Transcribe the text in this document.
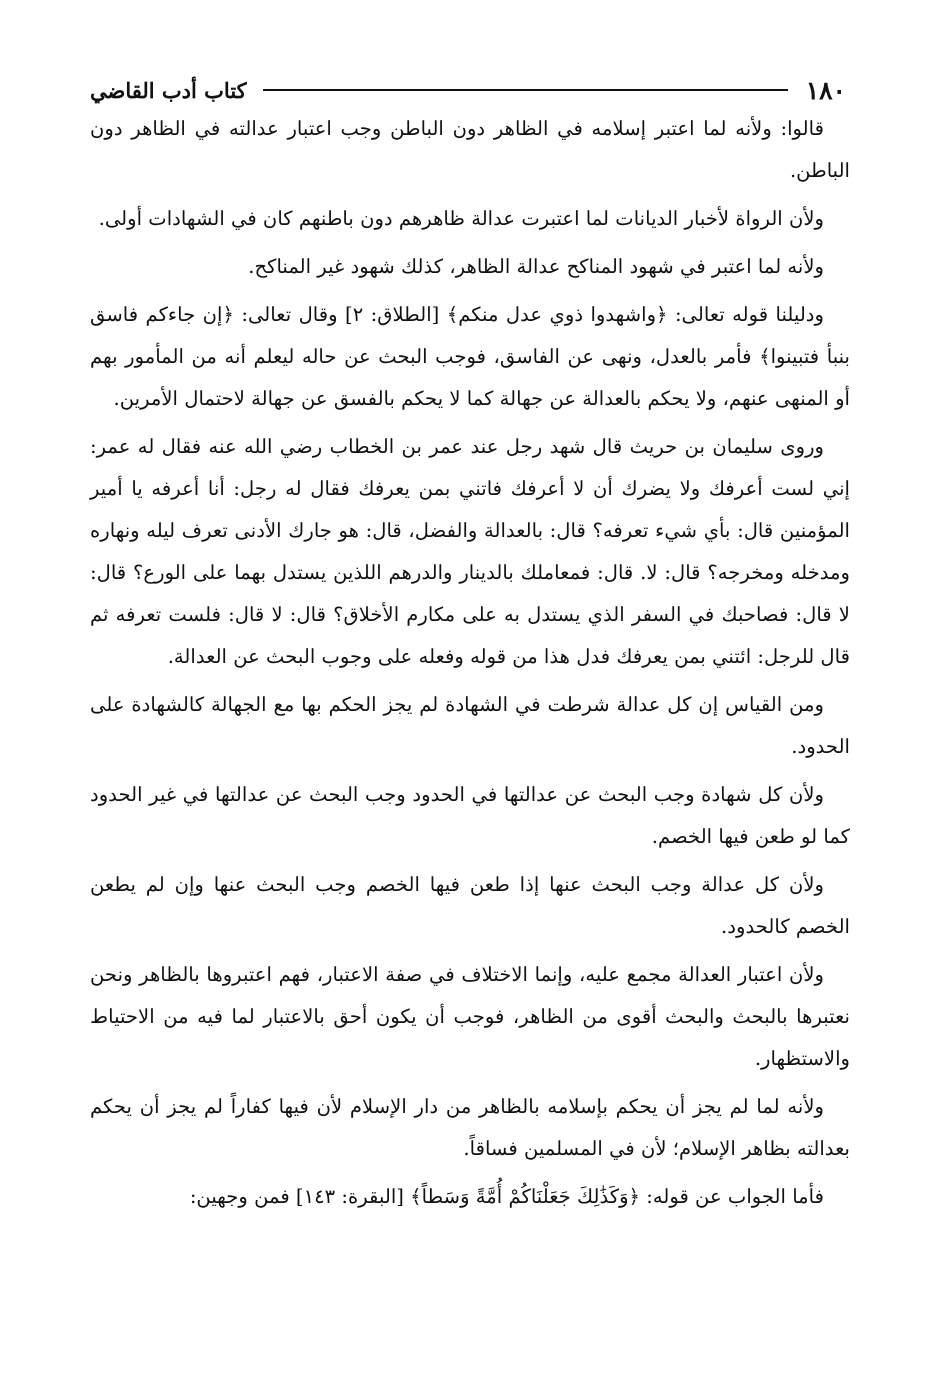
١٨٠
كتاب أدب القاضي

قالوا: ولأنه لما اعتبر إسلامه في الظاهر دون الباطن وجب اعتبار عدالته في الظاهر دون الباطن.

ولأن الرواة لأخبار الديانات لما اعتبرت عدالة ظاهرهم دون باطنهم كان في الشهادات أولى.

ولأنه لما اعتبر في شهود المناكح عدالة الظاهر، كذلك شهود غير المناكح.

ودليلنا قوله تعالى: ﴿واشهدوا ذوي عدل منكم﴾ [الطلاق: ٢] وقال تعالى: ﴿إن جاءكم فاسق بنبأ فتبينوا﴾ فأمر بالعدل، ونهى عن الفاسق، فوجب البحث عن حاله ليعلم أنه من المأمور بهم أو المنهى عنهم، ولا يحكم بالعدالة عن جهالة كما لا يحكم بالفسق عن جهالة لاحتمال الأمرين.

وروى سليمان بن حريث قال شهد رجل عند عمر بن الخطاب رضي الله عنه فقال له عمر: إني لست أعرفك ولا يضرك أن لا أعرفك فاتني بمن يعرفك فقال له رجل: أنا أعرفه يا أمير المؤمنين قال: بأي شيء تعرفه؟ قال: بالعدالة والفضل، قال: هو جارك الأدنى تعرف ليله ونهاره ومدخله ومخرجه؟ قال: لا. قال: فمعاملك بالدينار والدرهم اللذين يستدل بهما على الورع؟ قال: لا قال: فصاحبك في السفر الذي يستدل به على مكارم الأخلاق؟ قال: لا قال: فلست تعرفه ثم قال للرجل: ائتني بمن يعرفك فدل هذا من قوله وفعله على وجوب البحث عن العدالة.

ومن القياس إن كل عدالة شرطت في الشهادة لم يجز الحكم بها مع الجهالة كالشهادة على الحدود.

ولأن كل شهادة وجب البحث عن عدالتها في الحدود وجب البحث عن عدالتها في غير الحدود كما لو طعن فيها الخصم.

ولأن كل عدالة وجب البحث عنها إذا طعن فيها الخصم وجب البحث عنها وإن لم يطعن الخصم كالحدود.

ولأن اعتبار العدالة مجمع عليه، وإنما الاختلاف في صفة الاعتبار، فهم اعتبروها بالظاهر ونحن نعتبرها بالبحث والبحث أقوى من الظاهر، فوجب أن يكون أحق بالاعتبار لما فيه من الاحتياط والاستظهار.

ولأنه لما لم يجز أن يحكم بإسلامه بالظاهر من دار الإسلام لأن فيها كفاراً لم يجز أن يحكم بعدالته بظاهر الإسلام؛ لأن في المسلمين فساقاً.

فأما الجواب عن قوله: ﴿وَكَذَٰلِكَ جَعَلْنَاكُمْ أُمَّةً وَسَطاً﴾ [البقرة: ١٤٣] فمن وجهين:
